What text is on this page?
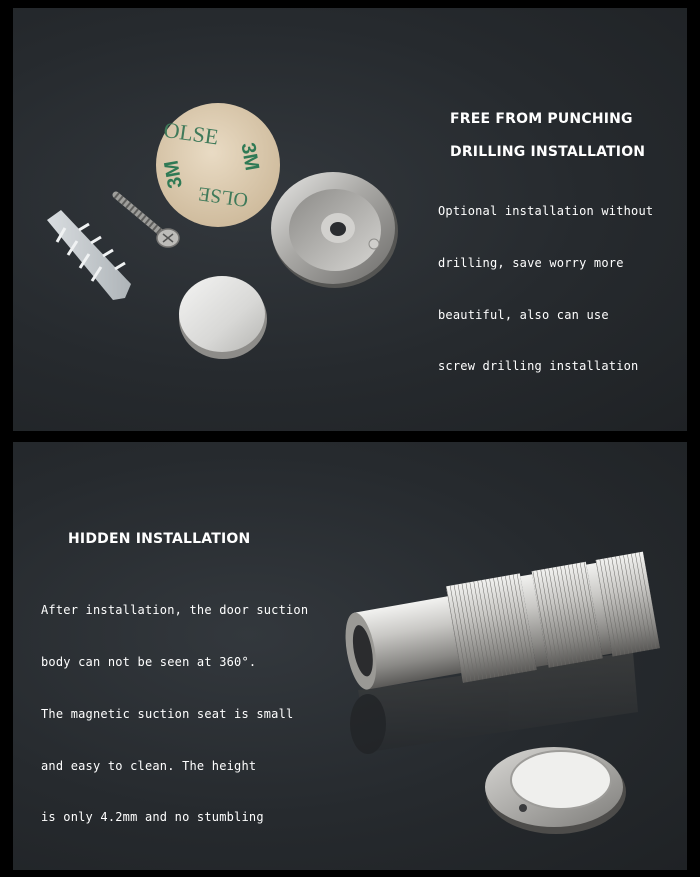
OLSE
3M
3M
OLSE
FREE FROM PUNCHING
DRILLING INSTALLATION
Optional installation without
drilling, save worry more
beautiful, also can use
screw drilling installation
HIDDEN INSTALLATION
After installation, the door suction
body can not be seen at 360°.
The magnetic suction seat is small
and easy to clean. The height
is only 4.2mm and no stumbling
